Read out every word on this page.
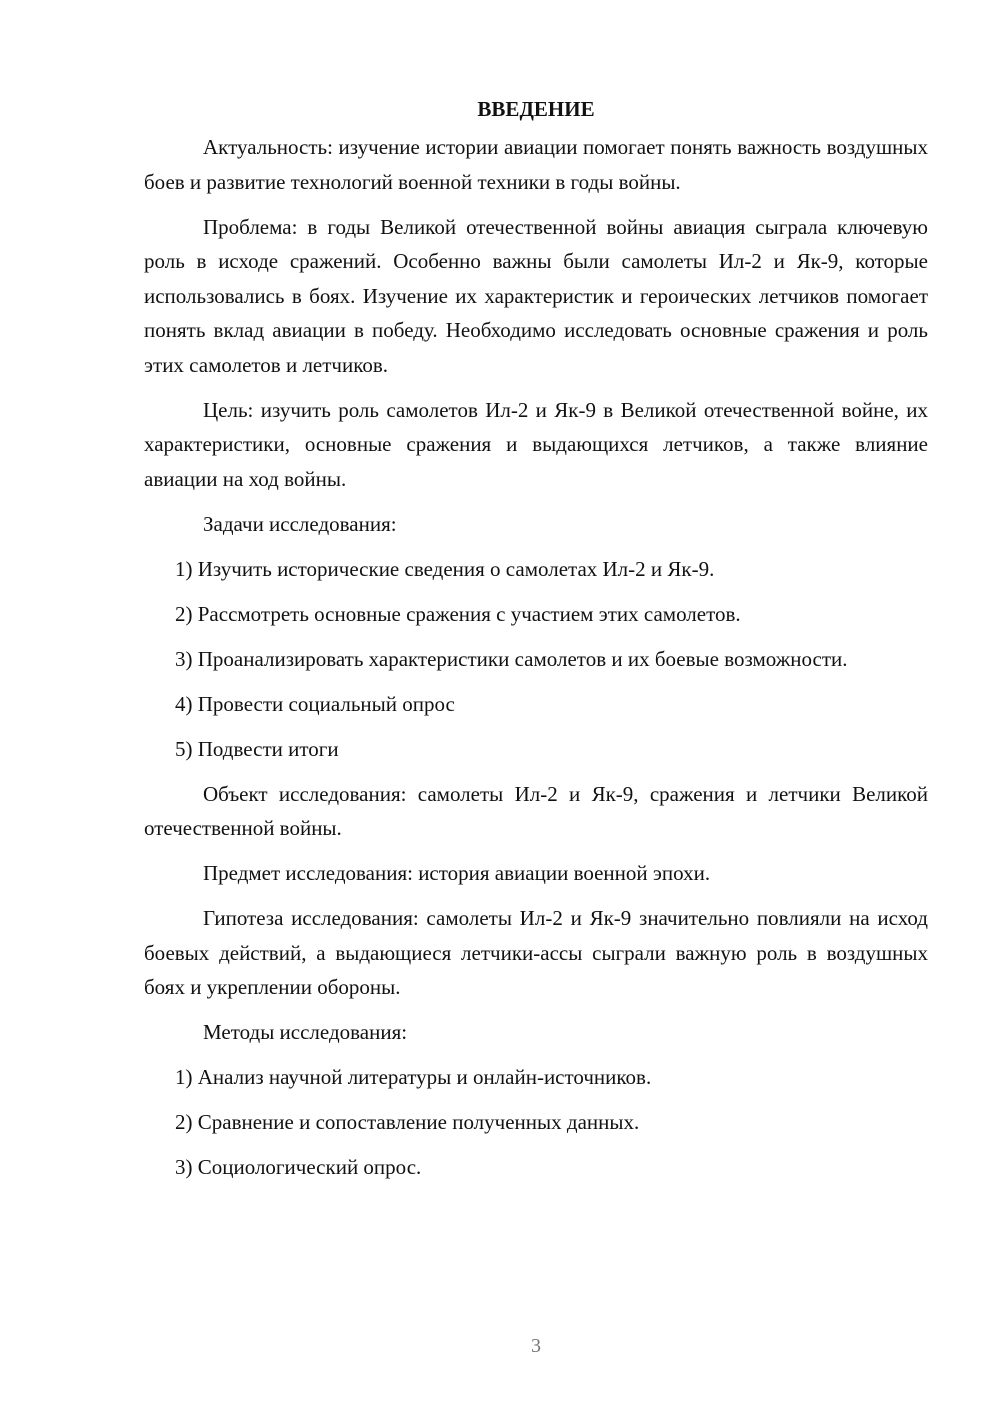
ВВЕДЕНИЕ

Актуальность: изучение истории авиации помогает понять важность воздушных боев и развитие технологий военной техники в годы войны.

Проблема: в годы Великой отечественной войны авиация сыграла ключевую роль в исходе сражений. Особенно важны были самолеты Ил-2 и Як-9, которые использовались в боях. Изучение их характеристик и героических летчиков помогает понять вклад авиации в победу. Необходимо исследовать основные сражения и роль этих самолетов и летчиков.

Цель: изучить роль самолетов Ил-2 и Як-9 в Великой отечественной войне, их характеристики, основные сражения и выдающихся летчиков, а также влияние авиации на ход войны.

Задачи исследования:

1) Изучить исторические сведения о самолетах Ил-2 и Як-9.

2) Рассмотреть основные сражения с участием этих самолетов.

3) Проанализировать характеристики самолетов и их боевые возможности.

4) Провести социальный опрос

5) Подвести итоги

Объект исследования: самолеты Ил-2 и Як-9, сражения и летчики Великой отечественной войны.

Предмет исследования: история авиации военной эпохи.

Гипотеза исследования: самолеты Ил-2 и Як-9 значительно повлияли на исход боевых действий, а выдающиеся летчики-ассы сыграли важную роль в воздушных боях и укреплении обороны.

Методы исследования:

1) Анализ научной литературы и онлайн-источников.

2) Сравнение и сопоставление полученных данных.

3) Социологический опрос.

3
